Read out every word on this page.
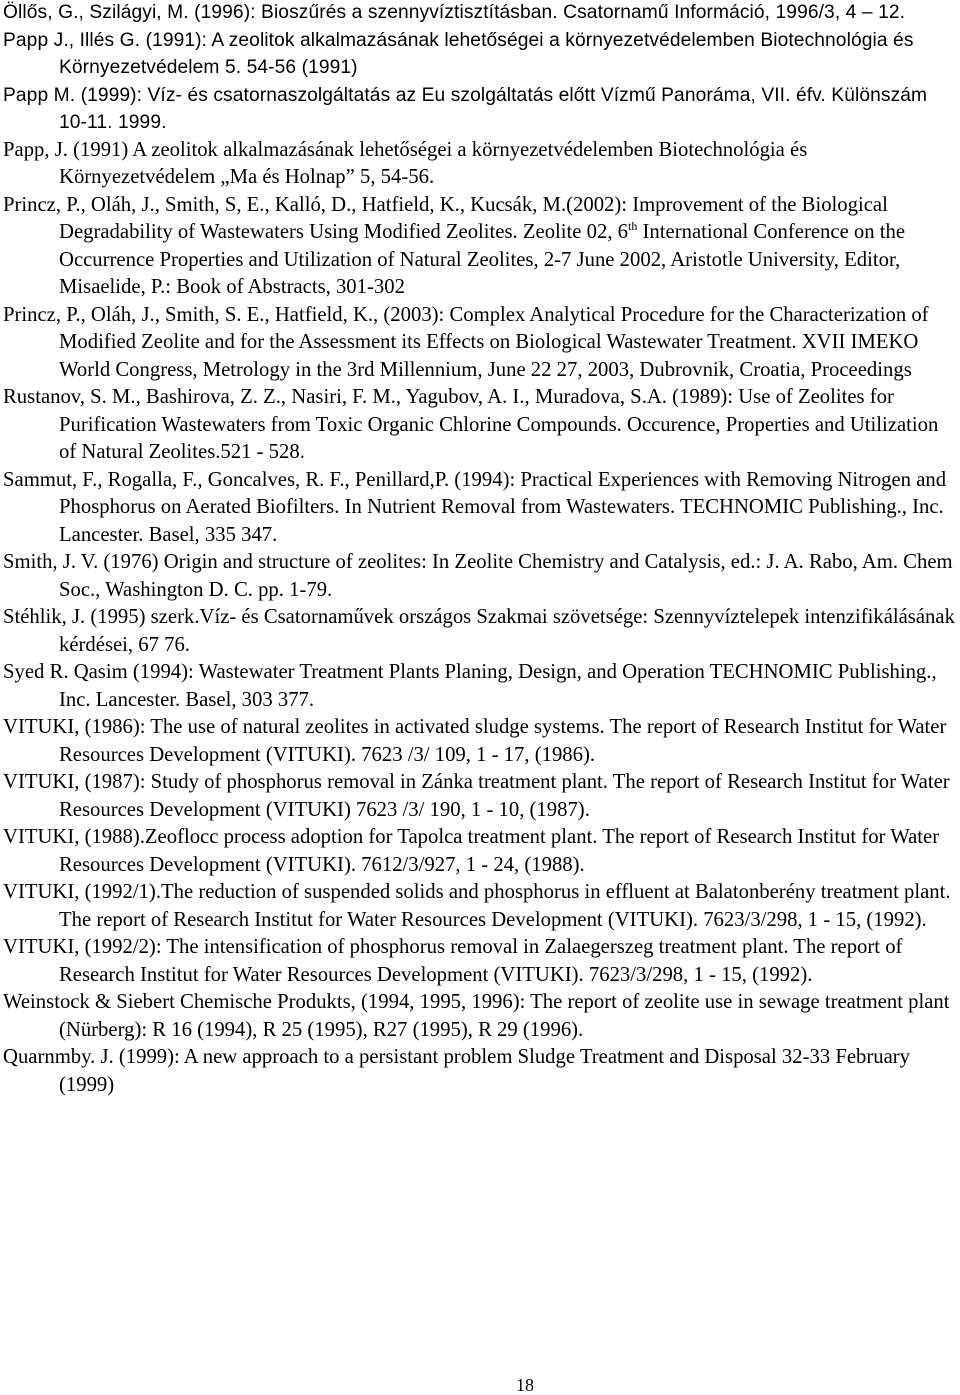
Öllős, G., Szilágyi, M. (1996): Bioszűrés a szennyvíztisztításban. Csatornamű Információ, 1996/3, 4 – 12.

Papp J., Illés G. (1991): A zeolitok alkalmazásának lehetőségei a környezetvédelemben Biotechnológia és Környezetvédelem 5. 54-56 (1991)

Papp M. (1999): Víz- és csatornaszolgáltatás az Eu szolgáltatás előtt Vízmű Panoráma, VII. éfv. Különszám 10-11. 1999.

Papp, J. (1991) A zeolitok alkalmazásának lehetőségei a környezetvédelemben Biotechnológia és Környezetvédelem „Ma és Holnap” 5, 54-56.

Princz, P., Oláh, J., Smith, S, E., Kalló, D., Hatfield, K., Kucsák, M.(2002): Improvement of the Biological Degradability of Wastewaters Using Modified Zeolites. Zeolite 02, 6th International Conference on the Occurrence Properties and Utilization of Natural Zeolites, 2-7 June 2002, Aristotle University, Editor, Misaelide, P.: Book of Abstracts, 301-302

Princz, P., Oláh, J., Smith, S. E., Hatfield, K., (2003): Complex Analytical Procedure for the Characterization of Modified Zeolite and for the Assessment its Effects on Biological Wastewater Treatment. XVII IMEKO World Congress, Metrology in the 3rd Millennium, June 22 27, 2003, Dubrovnik, Croatia, Proceedings

Rustanov, S. M., Bashirova, Z. Z., Nasiri, F. M., Yagubov, A. I., Muradova, S.A. (1989): Use of Zeolites for Purification Wastewaters from Toxic Organic Chlorine Compounds. Occurence, Properties and Utilization of Natural Zeolites.521 - 528.

Sammut, F., Rogalla, F., Goncalves, R. F., Penillard,P. (1994): Practical Experiences with Removing Nitrogen and Phosphorus on Aerated Biofilters. In Nutrient Removal from Wastewaters. TECHNOMIC Publishing., Inc. Lancester. Basel, 335 347.

Smith, J. V. (1976) Origin and structure of zeolites: In Zeolite Chemistry and Catalysis, ed.: J. A. Rabo, Am. Chem Soc., Washington D. C. pp. 1-79.

Stéhlik, J. (1995) szerk.Víz- és Csatornaművek országos Szakmai szövetsége: Szennyvíztelepek intenzifikálásának kérdései, 67 76.

Syed R. Qasim (1994): Wastewater Treatment Plants Planing, Design, and Operation TECHNOMIC Publishing., Inc. Lancester. Basel, 303 377.

VITUKI, (1986): The use of natural zeolites in activated sludge systems. The report of Research Institut for Water Resources Development (VITUKI). 7623 /3/ 109, 1 - 17, (1986).

VITUKI, (1987): Study of phosphorus removal in Zánka treatment plant. The report of Research Institut for Water Resources Development (VITUKI) 7623 /3/ 190, 1 - 10, (1987).

VITUKI, (1988).Zeoflocc process adoption for Tapolca treatment plant. The report of Research Institut for Water Resources Development (VITUKI). 7612/3/927, 1 - 24, (1988).

VITUKI, (1992/1).The reduction of suspended solids and phosphorus in effluent at Balatonberény treatment plant. The report of Research Institut for Water Resources Development (VITUKI). 7623/3/298, 1 - 15, (1992).

VITUKI, (1992/2): The intensification of phosphorus removal in Zalaegerszeg treatment plant. The report of Research Institut for Water Resources Development (VITUKI). 7623/3/298, 1 - 15, (1992).

Weinstock & Siebert Chemische Produkts, (1994, 1995, 1996): The report of zeolite use in sewage treatment plant (Nürberg): R 16 (1994), R 25 (1995), R27 (1995), R 29 (1996).

Quarnmby. J. (1999): A new approach to a persistant problem Sludge Treatment and Disposal 32-33 February (1999)

18
